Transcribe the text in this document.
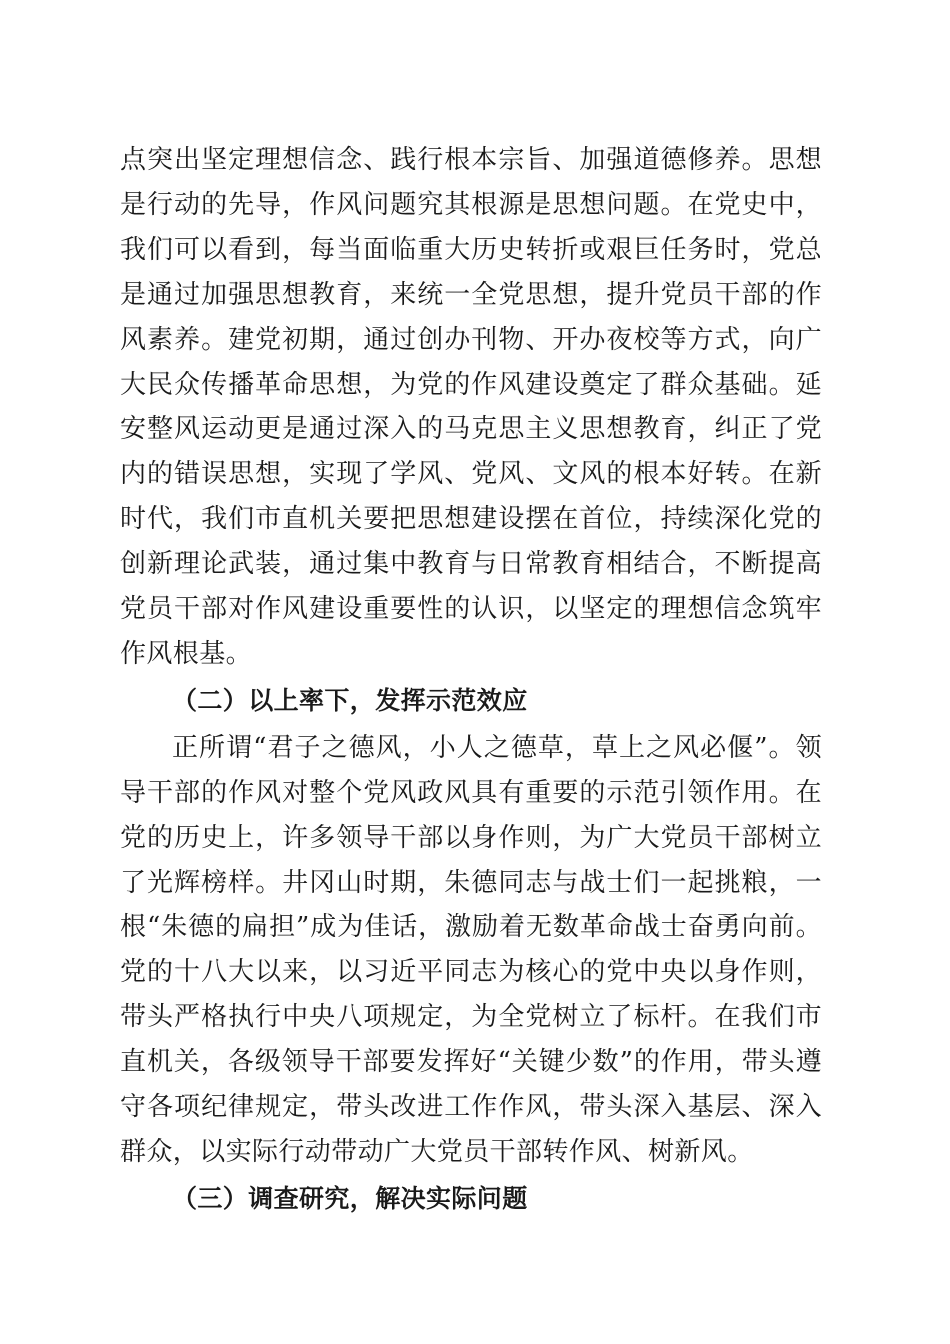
点突出坚定理想信念、践行根本宗旨、加强道德修养。思想是行动的先导，作风问题究其根源是思想问题。在党史中，我们可以看到，每当面临重大历史转折或艰巨任务时，党总是通过加强思想教育，来统一全党思想，提升党员干部的作风素养。建党初期，通过创办刊物、开办夜校等方式，向广大民众传播革命思想，为党的作风建设奠定了群众基础。延安整风运动更是通过深入的马克思主义思想教育，纠正了党内的错误思想，实现了学风、党风、文风的根本好转。在新时代，我们市直机关要把思想建设摆在首位，持续深化党的创新理论武装，通过集中教育与日常教育相结合，不断提高党员干部对作风建设重要性的认识，以坚定的理想信念筑牢作风根基。

（二）以上率下，发挥示范效应

正所谓“君子之德风，小人之德草，草上之风必偃”。领导干部的作风对整个党风政风具有重要的示范引领作用。在党的历史上，许多领导干部以身作则，为广大党员干部树立了光辉榜样。井冈山时期，朱德同志与战士们一起挑粮，一根“朱德的扁担”成为佳话，激励着无数革命战士奋勇向前。党的十八大以来，以习近平同志为核心的党中央以身作则，带头严格执行中央八项规定，为全党树立了标杆。在我们市直机关，各级领导干部要发挥好“关键少数”的作用，带头遵守各项纪律规定，带头改进工作作风，带头深入基层、深入群众，以实际行动带动广大党员干部转作风、树新风。

（三）调查研究，解决实际问题
